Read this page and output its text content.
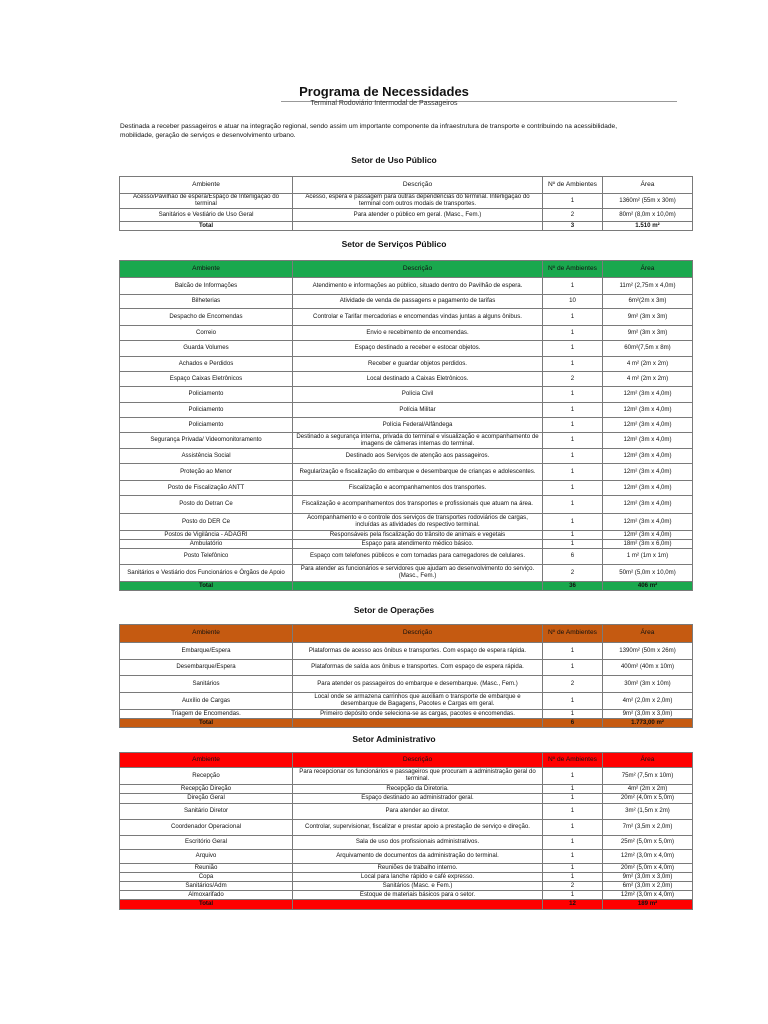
Programa de Necessidades
Terminal Rodoviário Intermodal de Passageiros

Destinada a receber passageiros e atuar na integração regional, sendo assim um importante componente da infraestrutura de transporte e contribuindo na acessibilidade, mobilidade, geração de serviços e desenvolvimento urbano.

Setor de Uso Público
Ambiente	Descrição	Nº de Ambientes	Área
Acesso/Pavilhão de espera/Espaço de Interligação do terminal	Acesso, espera e passagem para outras dependências do terminal. Interligação do terminal com outros modais de transportes.	1	1360m² (55m x 30m)
Sanitários e Vestiário de Uso Geral	Para atender o público em geral. (Masc., Fem.)	2	80m² (8,0m x 10,0m)
Total		3	1.510 m²
Setor de Serviços Público
Ambiente	Descrição	Nº de Ambientes	Área
Balcão de Informações	Atendimento e informações ao público, situado dentro do Pavilhão de espera.	1	11m² (2,75m x 4,0m)
Bilheterias	Atividade de venda de passagens e pagamento de tarifas	10	6m²(2m x 3m)
Despacho de Encomendas	Controlar e Tarifar mercadorias e encomendas vindas juntas a alguns ônibus.	1	9m² (3m x 3m)
Correio	Envio e recebimento de encomendas.	1	9m² (3m x 3m)
Guarda Volumes	Espaço destinado a receber e estocar objetos.	1	60m²(7,5m x 8m)
Achados e Perdidos	Receber e guardar objetos perdidos.	1	4 m² (2m x 2m)
Espaço Caixas Eletrônicos	Local destinado a Caixas Eletrônicos.	2	4 m² (2m x 2m)
Policiamento	Polícia Civil	1	12m² (3m x 4,0m)
Policiamento	Polícia Militar	1	12m² (3m x 4,0m)
Policiamento	Polícia Federal/Alfândega	1	12m² (3m x 4,0m)
Segurança Privada/ Videomonitoramento	Destinado a segurança interna, privada do terminal e visualização e acompanhamento de imagens de câmeras internas do terminal.	1	12m² (3m x 4,0m)
Assistência Social	Destinado aos Serviços de atenção aos passageiros.	1	12m² (3m x 4,0m)
Proteção ao Menor	Regularização e fiscalização do embarque e desembarque de crianças e adolescentes.	1	12m² (3m x 4,0m)
Posto de Fiscalização ANTT	Fiscalização e acompanhamentos dos transportes.	1	12m² (3m x 4,0m)
Posto do Detran Ce	Fiscalização e acompanhamentos dos transportes e profissionais que atuam na área.	1	12m² (3m x 4,0m)
Posto do DER Ce	Acompanhamento e o controle dos serviços de transportes rodoviários de cargas, incluídas as atividades do respectivo terminal.	1	12m² (3m x 4,0m)
Postos de Vigilância - ADAGRI	Responsáveis pela fiscalização do trânsito de animais e vegetais	1	12m² (3m x 4,0m)
Ambulatório	Espaço para atendimento médico básico.	1	18m² (3m x 6,0m)
Posto Telefônico	Espaço com telefones públicos e com tomadas para carregadores de celulares.	6	1 m² (1m x 1m)
Sanitários e Vestiário dos Funcionários e Órgãos de Apoio	Para atender as funcionários e servidores que ajudam ao desenvolvimento do serviço. (Masc., Fem.)	2	50m² (5,0m x 10,0m)
Total		36	406 m²
Setor de Operações
Ambiente	Descrição	Nº de Ambientes	Área
Embarque/Espera	Plataformas de acesso aos ônibus e transportes. Com espaço de espera rápida.	1	1390m² (50m x 26m)
Desembarque/Espera	Plataformas de saída aos ônibus e transportes. Com espaço de espera rápida.	1	400m² (40m x 10m)
Sanitários	Para atender os passageiros do embarque e desembarque. (Masc., Fem.)	2	30m² (3m x 10m)
Auxílio de Cargas	Local onde se armazena carrinhos que auxiliam o transporte de embarque e desembarque de Bagagens, Pacotes e Cargas em geral.	1	4m² (2,0m x 2,0m)
Triagem de Encomendas.	Primeiro depósito onde seleciona-se as cargas, pacotes e encomendas.	1	9m² (3,0m x 3,0m)
Total		6	1.773,00 m²
Setor Administrativo
Ambiente	Descrição	Nº de Ambientes	Área
Recepção	Para recepcionar os funcionários e passageiros que procuram a administração geral do terminal.	1	75m² (7,5m x 10m)
Recepção Direção	Recepção da Diretoria.	1	4m² (2m x 2m)
Direção Geral	Espaço destinado ao administrador geral.	1	20m² (4,0m x 5,0m)
Sanitário Diretor	Para atender ao diretor.	1	3m² (1,5m x 2m)
Coordenador Operacional	Controlar, supervisionar, fiscalizar e prestar apoio a prestação de serviço e direção.	1	7m² (3,5m x 2,0m)
Escritório Geral	Sala de uso dos profissionais administrativos.	1	25m² (5,0m x 5,0m)
Arquivo	Arquivamento de documentos da administração do terminal.	1	12m² (3,0m x 4,0m)
Reunião	Reuniões de trabalho interno.	1	20m² (5,0m x 4,0m)
Copa	Local para lanche rápido e café expresso.	1	9m² (3,0m x 3,0m)
Sanitários/Adm	Sanitários (Masc. e Fem.)	2	6m² (3,0m x 2,0m)
Almoxarifado	Estoque de materiais básicos para o setor.	1	12m² (3,0m x 4,0m)
Total		12	189 m²
